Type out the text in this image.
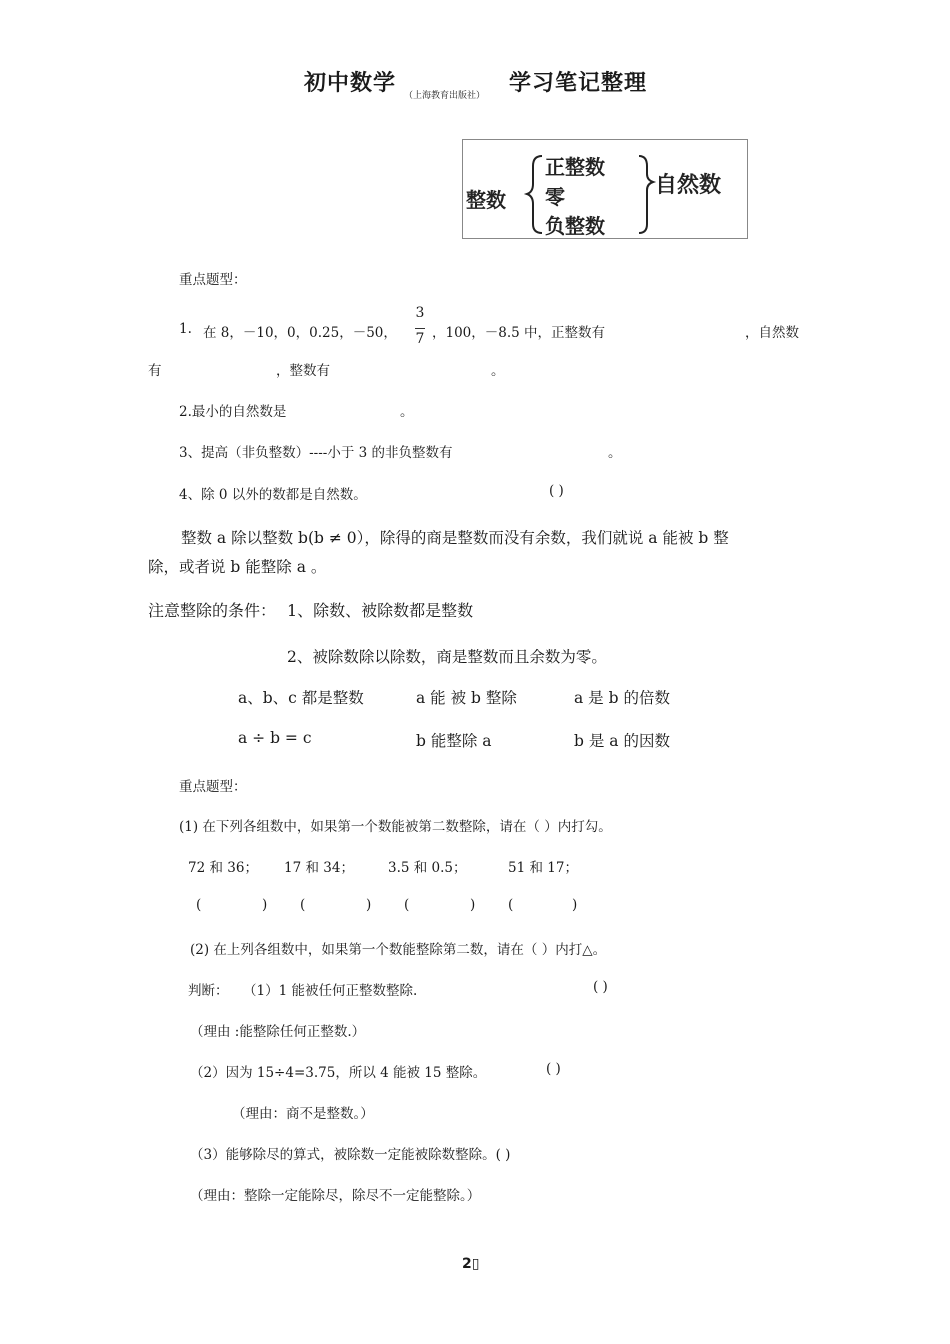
初中数学 （上海教育出版社） 学习笔记整理
整数
正整数
零
负整数
自然数
重点题型：
1. 在 8，－10，0，0.25，－50，
3
7 ，100，－8.5 中，正整数有	，自然数
有	，整数有	。
2.最小的自然数是	。
3、提高（非负整数）----小于 3 的非负整数有	。
4、除 0 以外的数都是自然数。	( )
整数 a 除以整数 b(b ≠ 0），除得的商是整数而没有余数，我们就说 a 能被 b 整
除，或者说 b 能整除 a 。
注意整除的条件： 1、除数、被除数都是整数
2、被除数除以除数，商是整数而且余数为零。
a、b、c 都是整数	a 能 被 b 整除	a 是 b 的倍数
a ÷ b = c	b 能整除 a	b 是 a 的因数
重点题型：
(1) 在下列各组数中，如果第一个数能被第二数整除，请在（ ）内打勾。
72 和 36； 17 和 34；	3.5 和 0.5；	51 和 17；
(	) (	) (	) (	)
(2) 在上列各组数中，如果第一个数能整除第二数，请在（ ）内打△。
判断： （1）1 能被任何正整数整除.	( )
（理由 :能整除任何正整数.）
（2）因为 15÷4=3.75，所以 4 能被 15 整除。	( )
（理由：商不是整数。）
（3）能够除尽的算式，被除数一定能被除数整除。( )
（理由：整除一定能除尽，除尽不一定能整除。）
2▯
